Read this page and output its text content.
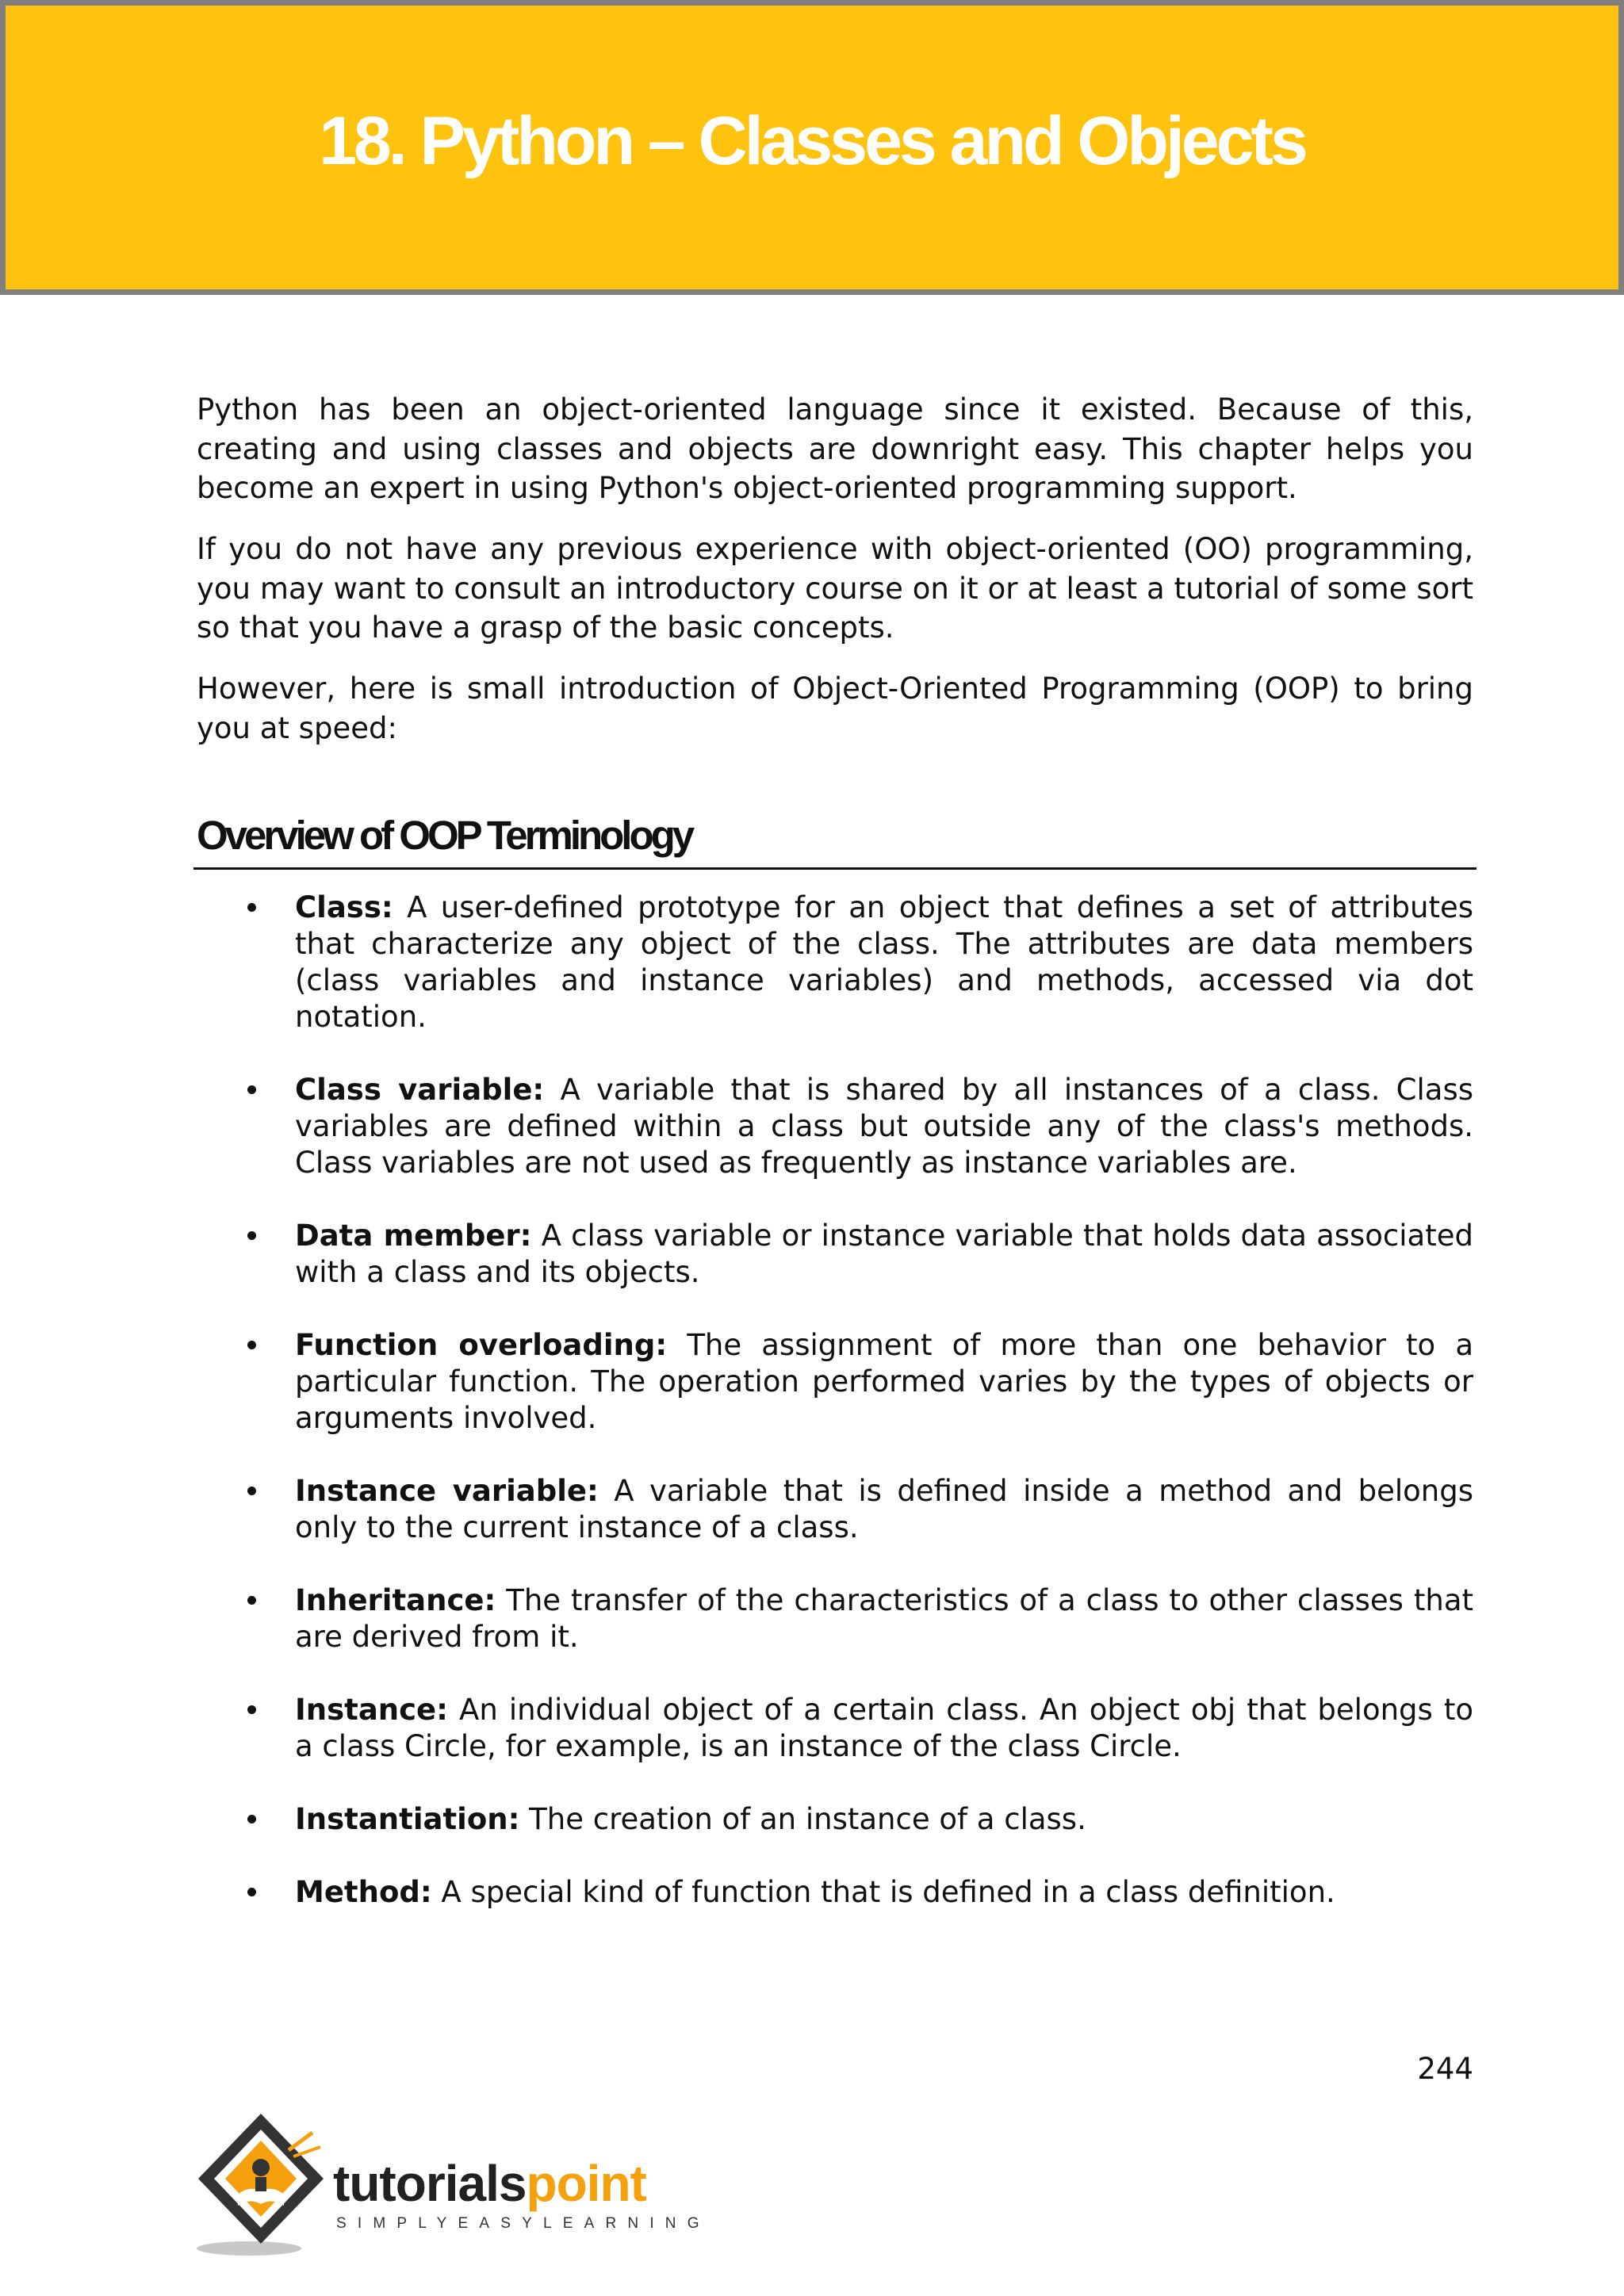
18. Python – Classes and Objects

Python has been an object-oriented language since it existed. Because of this, creating and using classes and objects are downright easy. This chapter helps you become an expert in using Python's object-oriented programming support.

If you do not have any previous experience with object-oriented (OO) programming, you may want to consult an introductory course on it or at least a tutorial of some sort so that you have a grasp of the basic concepts.

However, here is small introduction of Object-Oriented Programming (OOP) to bring you at speed:

Overview of OOP Terminology
Class: A user-defined prototype for an object that defines a set of attributes that characterize any object of the class. The attributes are data members (class variables and instance variables) and methods, accessed via dot notation.
Class variable: A variable that is shared by all instances of a class. Class variables are defined within a class but outside any of the class's methods. Class variables are not used as frequently as instance variables are.
Data member: A class variable or instance variable that holds data associated with a class and its objects.
Function overloading: The assignment of more than one behavior to a particular function. The operation performed varies by the types of objects or arguments involved.
Instance variable: A variable that is defined inside a method and belongs only to the current instance of a class.
Inheritance: The transfer of the characteristics of a class to other classes that are derived from it.
Instance: An individual object of a certain class. An object obj that belongs to a class Circle, for example, is an instance of the class Circle.
Instantiation: The creation of an instance of a class.
Method: A special kind of function that is defined in a class definition.
244
tutorialspoint
SIMPLYEASYLEARNING
